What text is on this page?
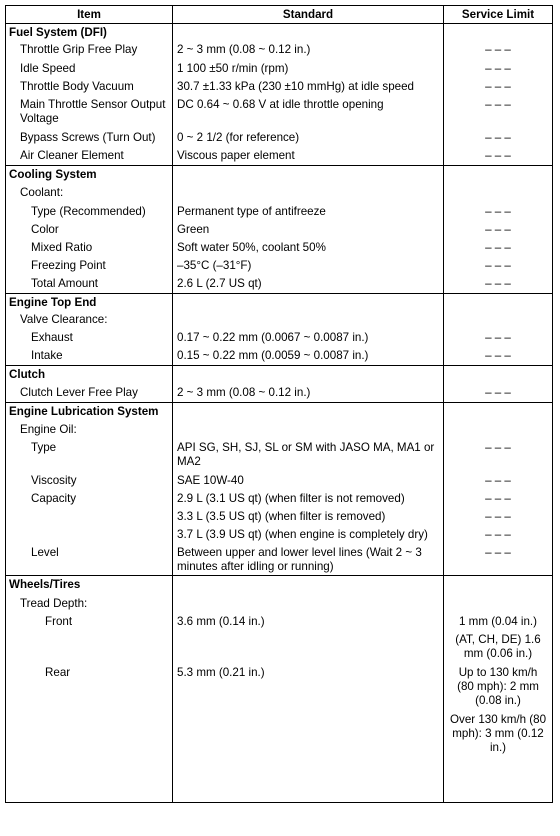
Item	Standard	Service Limit

Fuel System (DFI)		

Throttle Grip Free Play	2 ~ 3 mm (0.08 ~ 0.12 in.)	– – –

Idle Speed	1 100 ±50 r/min (rpm)	– – –

Throttle Body Vacuum	30.7 ±1.33 kPa (230 ±10 mmHg) at idle speed	– – –

Main Throttle Sensor Output Voltage	DC 0.64 ~ 0.68 V at idle throttle opening	– – –

Bypass Screws (Turn Out)	0 ~ 2 1/2 (for reference)	– – –

Air Cleaner Element	Viscous paper element	– – –

Cooling System		

Coolant:		

Type (Recommended)	Permanent type of antifreeze	– – –

Color	Green	– – –

Mixed Ratio	Soft water 50%, coolant 50%	– – –

Freezing Point	–35°C (–31°F)	– – –

Total Amount	2.6 L (2.7 US qt)	– – –

Engine Top End		

Valve Clearance:		

Exhaust	0.17 ~ 0.22 mm (0.0067 ~ 0.0087 in.)	– – –

Intake	0.15 ~ 0.22 mm (0.0059 ~ 0.0087 in.)	– – –

Clutch		

Clutch Lever Free Play	2 ~ 3 mm (0.08 ~ 0.12 in.)	– – –

Engine Lubrication System		

Engine Oil:		

Type	API SG, SH, SJ, SL or SM with JASO MA, MA1 or MA2	– – –

Viscosity	SAE 10W-40	– – –

Capacity	2.9 L (3.1 US qt) (when filter is not removed)	– – –

	3.3 L (3.5 US qt) (when filter is removed)	– – –

	3.7 L (3.9 US qt) (when engine is completely dry)	– – –

Level	Between upper and lower level lines (Wait 2 ~ 3 minutes after idling or running)	– – –

Wheels/Tires		

Tread Depth:		

Front	3.6 mm (0.14 in.)	1 mm (0.04 in.)

		(AT, CH, DE) 1.6 mm (0.06 in.)

Rear	5.3 mm (0.21 in.)	Up to 130 km/h (80 mph): 2 mm (0.08 in.)

		Over 130 km/h (80 mph): 3 mm (0.12 in.)
